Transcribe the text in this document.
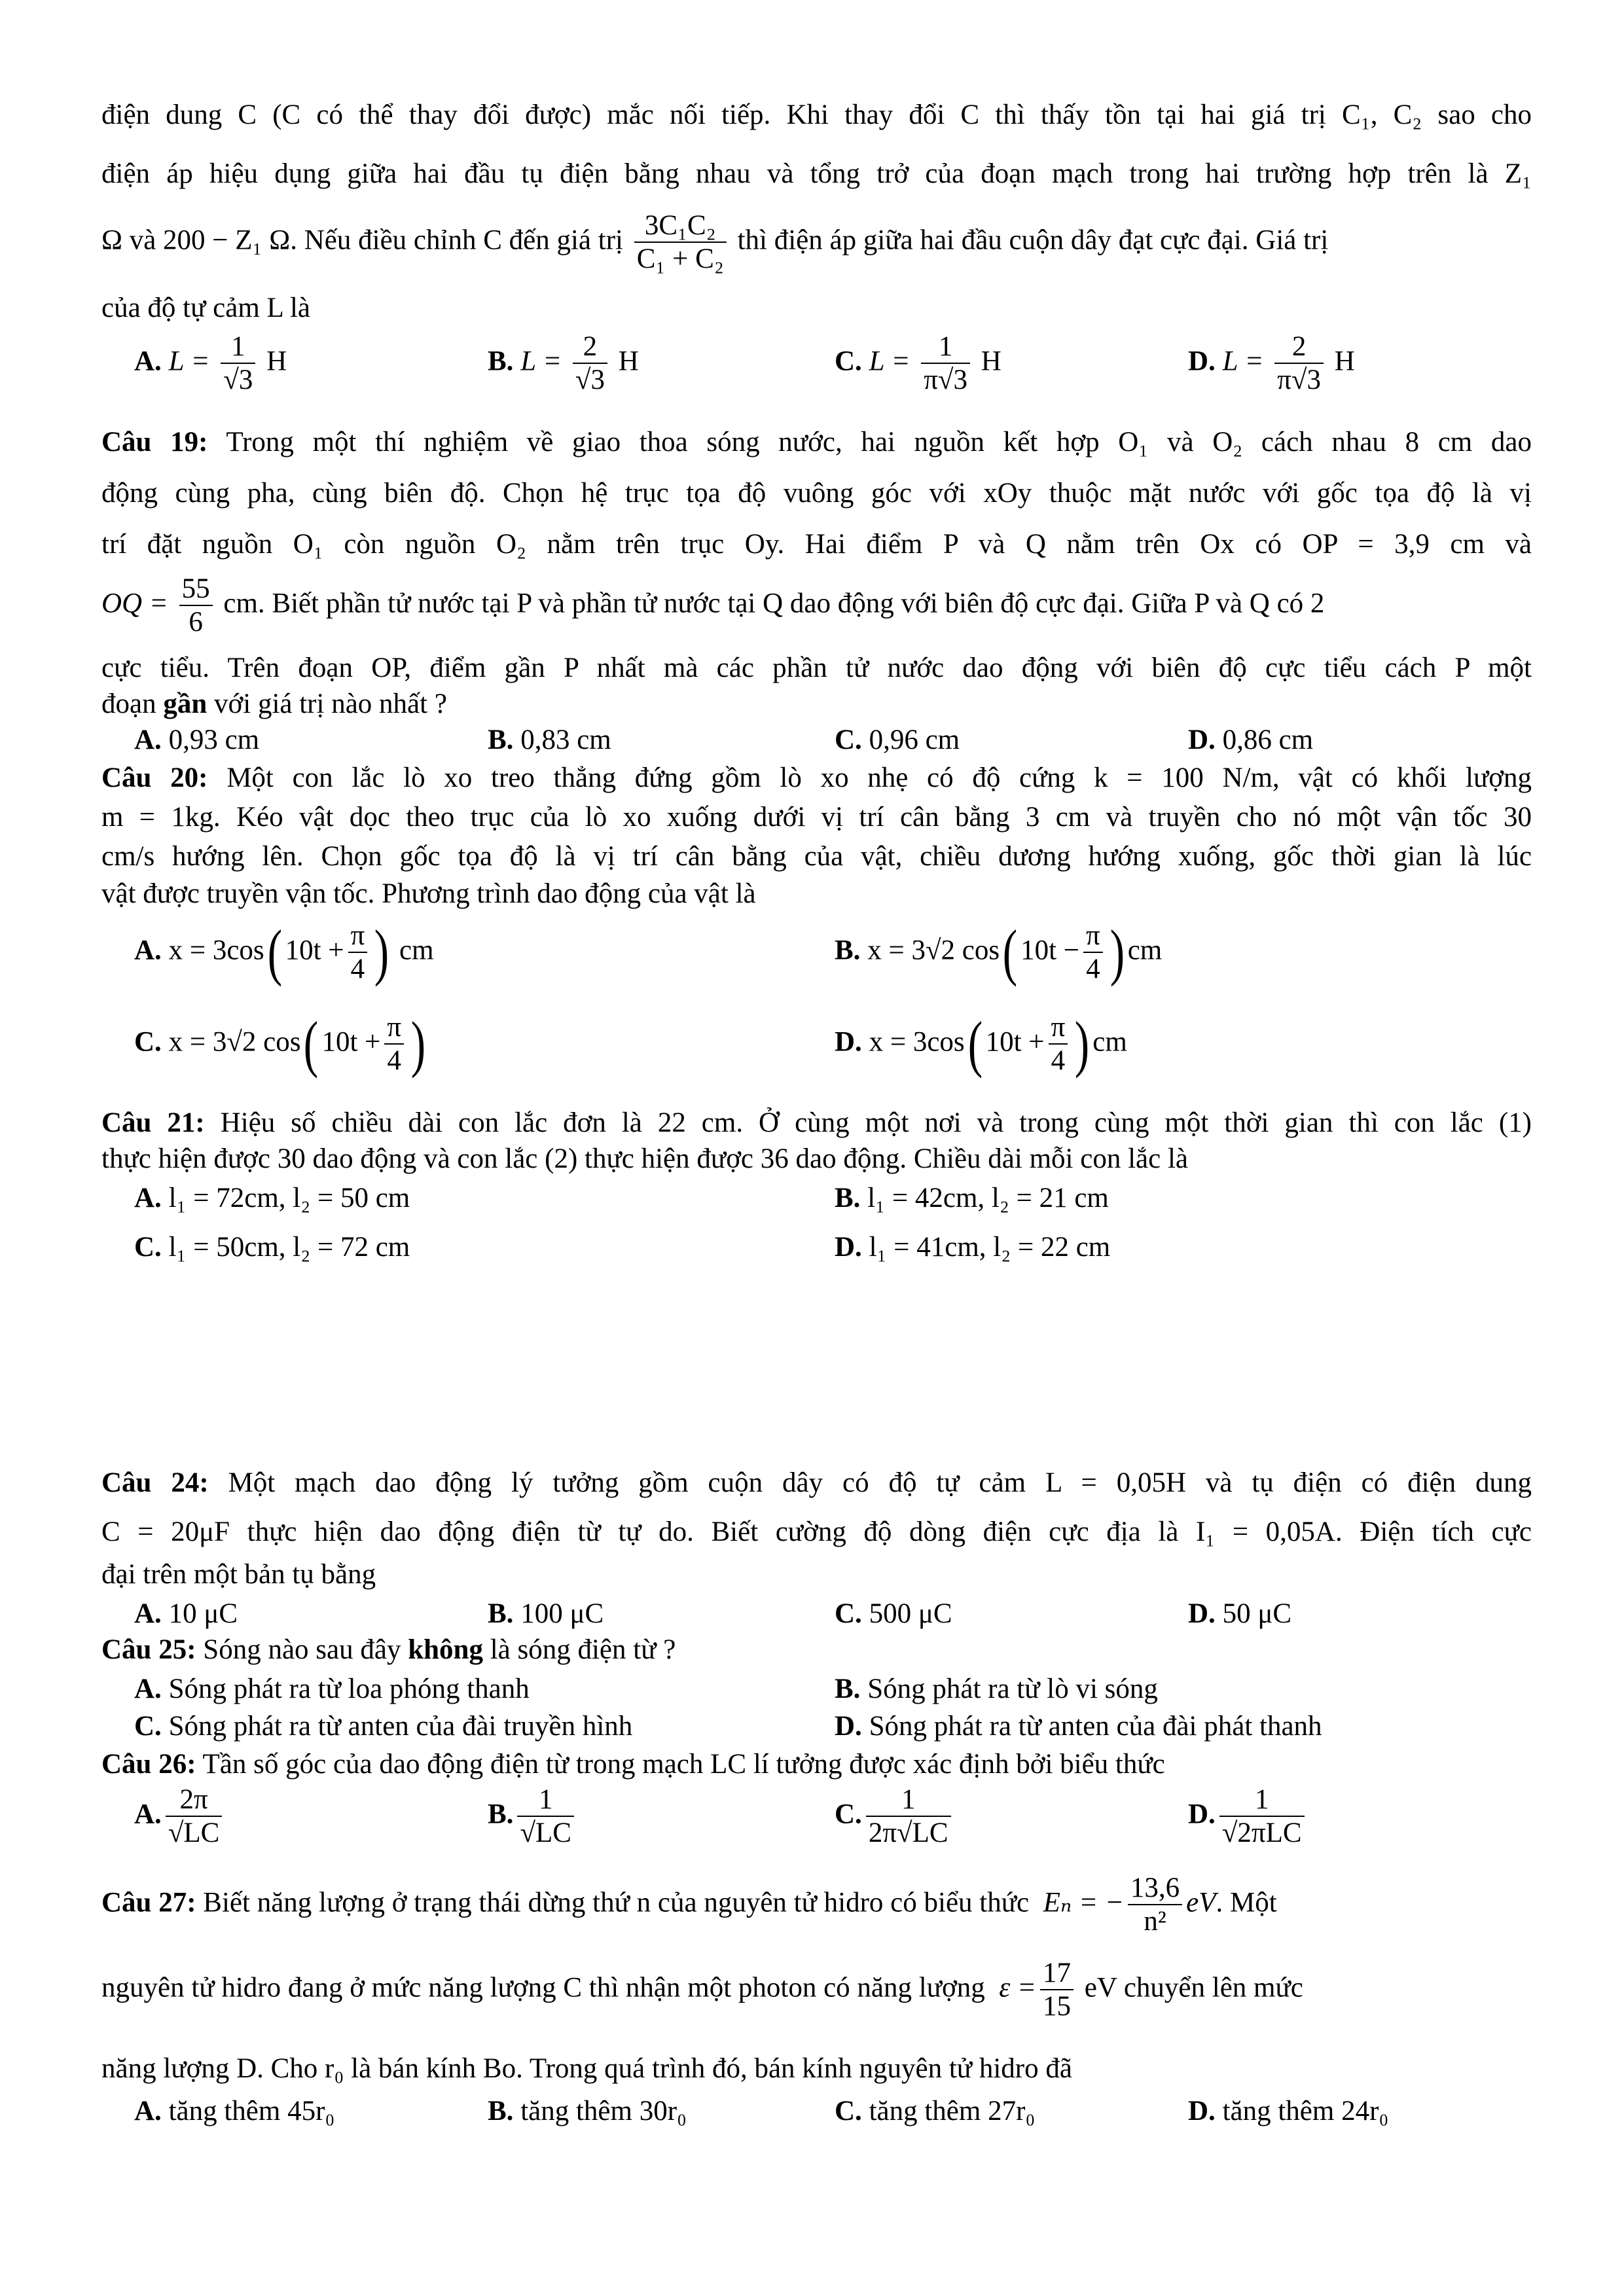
điện dung C (C có thể thay đổi được) mắc nối tiếp. Khi thay đổi C thì thấy tồn tại hai giá trị C₁, C₂ sao cho
điện áp hiệu dụng giữa hai đầu tụ điện bằng nhau và tổng trở của đoạn mạch trong hai trường hợp trên là Z₁
Ω và 200 − Z₁ Ω. Nếu điều chỉnh C đến giá trị $\frac{\text{3C₁C₂}}{\text{C₁ + C₂}}$ thì điện áp giữa hai đầu cuộn dây đạt cực đại. Giá trị
của độ tự cảm L là
A. $L = \frac{1}{√3}$ H	B. $L = \frac{2}{√3}$ H	C. $L = \frac{1}{\pi√3}$ H	D. $L = \frac{2}{\pi√3}$ H
Câu 19: Trong một thí nghiệm về giao thoa sóng nước, hai nguồn kết hợp O₁ và O₂ cách nhau 8 cm dao
động cùng pha, cùng biên độ. Chọn hệ trục tọa độ vuông góc với xOy thuộc mặt nước với gốc tọa độ là vị
trí đặt nguồn O₁ còn nguồn O₂ nằm trên trục Oy. Hai điểm P và Q nằm trên Ox có OP = 3,9 cm và
OQ = $\frac{55}{6}$ cm. Biết phần tử nước tại P và phần tử nước tại Q dao động với biên độ cực đại. Giữa P và Q có 2
cực tiểu. Trên đoạn OP, điểm gần P nhất mà các phần tử nước dao động với biên độ cực tiểu cách P một
đoạn gần với giá trị nào nhất ?
A. 0,93 cm	B. 0,83 cm	C. 0,96 cm	D. 0,86 cm
Câu 20: Một con lắc lò xo treo thẳng đứng gồm lò xo nhẹ có độ cứng k = 100 N/m, vật có khối lượng
m = 1kg. Kéo vật dọc theo trục của lò xo xuống dưới vị trí cân bằng 3 cm và truyền cho nó một vận tốc 30
cm/s hướng lên. Chọn gốc tọa độ là vị trí cân bằng của vật, chiều dương hướng xuống, gốc thời gian là lúc
vật được truyền vận tốc. Phương trình dao động của vật là
A. x = 3cos( $10t + \frac{\pi}{4}$ ) cm	B. x = 3√2 cos( $10t - \frac{\pi}{4}$ ) cm
C. x = 3√2 cos( $10t + \frac{\pi}{4}$ )	D. x = 3cos( $10t + \frac{\pi}{4}$ ) cm
Câu 21: Hiệu số chiều dài con lắc đơn là 22 cm. Ở cùng một nơi và trong cùng một thời gian thì con lắc (1)
thực hiện được 30 dao động và con lắc (2) thực hiện được 36 dao động. Chiều dài mỗi con lắc là
A. l₁ = 72cm, l₂ = 50 cm	B. l₁ = 42cm, l₂ = 21 cm
C. l₁ = 50cm, l₂ = 72 cm	D. l₁ = 41cm, l₂ = 22 cm
Câu 24: Một mạch dao động lý tưởng gồm cuộn dây có độ tự cảm L = 0,05H và tụ điện có điện dung
C = 20μF thực hiện dao động điện từ tự do. Biết cường độ dòng điện cực địa là I₁ = 0,05A. Điện tích cực
đại trên một bản tụ bằng
A. 10 μC	B. 100 μC	C. 500 μC	D. 50 μC
Câu 25: Sóng nào sau đây không là sóng điện từ ?
A. Sóng phát ra từ loa phóng thanh	B. Sóng phát ra từ lò vi sóng
C. Sóng phát ra từ anten của đài truyền hình	D. Sóng phát ra từ anten của đài phát thanh
Câu 26: Tần số góc của dao động điện từ trong mạch LC lí tưởng được xác định bởi biểu thức
A. $\frac{2\pi}{√LC}$	B. $\frac{1}{√LC}$	C. $\frac{1}{2\pi√LC}$	D. $\frac{1}{\text{√2πLC}}$
Câu 27: Biết năng lượng ở trạng thái dừng thứ n của nguyên tử hidro có biểu thức Eₙ = − $\frac{13,6}{\text{n²}}$ eV. Một
nguyên tử hidro đang ở mức năng lượng C thì nhận một photon có năng lượng $\varepsilon = \frac{17}{15}$ eV chuyển lên mức
năng lượng D. Cho r₀ là bán kính Bo. Trong quá trình đó, bán kính nguyên tử hidro đã
A. tăng thêm 45r₀	B. tăng thêm 30r₀	C. tăng thêm 27r₀	D. tăng thêm 24r₀
